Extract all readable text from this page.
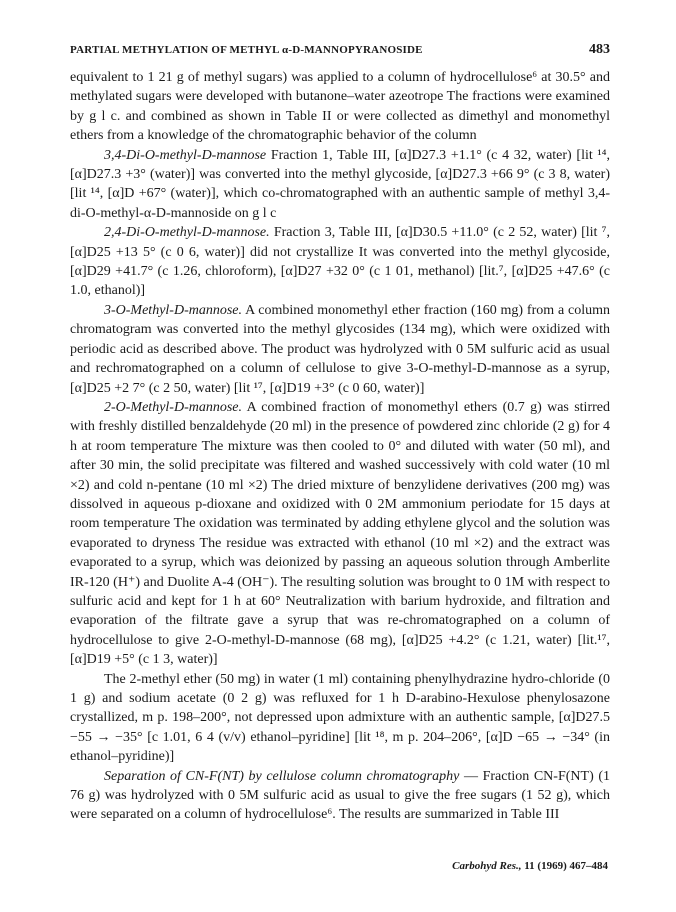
PARTIAL METHYLATION OF METHYL α-D-MANNOPYRANOSIDE	483

equivalent to 1 21 g of methyl sugars) was applied to a column of hydrocellulose⁶ at 30.5° and methylated sugars were developed with butanone–water azeotrope The fractions were examined by g l c. and combined as shown in Table II or were collected as dimethyl and monomethyl ethers from a knowledge of the chromatographic behavior of the column

3,4-Di-O-methyl-D-mannose Fraction 1, Table III, [α]D27.3 +1.1° (c 4 32, water) [lit ¹⁴, [α]D27.3 +3° (water)] was converted into the methyl glycoside, [α]D27.3 +66 9° (c 3 8, water) [lit ¹⁴, [α]D +67° (water)], which co-chromatographed with an authentic sample of methyl 3,4-di-O-methyl-α-D-mannoside on g l c

2,4-Di-O-methyl-D-mannose. Fraction 3, Table III, [α]D30.5 +11.0° (c 2 52, water) [lit ⁷, [α]D25 +13 5° (c 0 6, water)] did not crystallize It was converted into the methyl glycoside, [α]D29 +41.7° (c 1.26, chloroform), [α]D27 +32 0° (c 1 01, methanol) [lit.⁷, [α]D25 +47.6° (c 1.0, ethanol)]

3-O-Methyl-D-mannose. A combined monomethyl ether fraction (160 mg) from a column chromatogram was converted into the methyl glycosides (134 mg), which were oxidized with periodic acid as described above. The product was hydrolyzed with 0 5M sulfuric acid as usual and rechromatographed on a column of cellulose to give 3-O-methyl-D-mannose as a syrup, [α]D25 +2 7° (c 2 50, water) [lit ¹⁷, [α]D19 +3° (c 0 60, water)]

2-O-Methyl-D-mannose. A combined fraction of monomethyl ethers (0.7 g) was stirred with freshly distilled benzaldehyde (20 ml) in the presence of powdered zinc chloride (2 g) for 4 h at room temperature The mixture was then cooled to 0° and diluted with water (50 ml), and after 30 min, the solid precipitate was filtered and washed successively with cold water (10 ml ×2) and cold n-pentane (10 ml ×2) The dried mixture of benzylidene derivatives (200 mg) was dissolved in aqueous p-dioxane and oxidized with 0 2M ammonium periodate for 15 days at room temperature The oxidation was terminated by adding ethylene glycol and the solution was evaporated to dryness The residue was extracted with ethanol (10 ml ×2) and the extract was evaporated to a syrup, which was deionized by passing an aqueous solution through Amberlite IR-120 (H⁺) and Duolite A-4 (OH⁻). The resulting solution was brought to 0 1M with respect to sulfuric acid and kept for 1 h at 60° Neutralization with barium hydroxide, and filtration and evaporation of the filtrate gave a syrup that was re-chromatographed on a column of hydrocellulose to give 2-O-methyl-D-mannose (68 mg), [α]D25 +4.2° (c 1.21, water) [lit.¹⁷, [α]D19 +5° (c 1 3, water)]

The 2-methyl ether (50 mg) in water (1 ml) containing phenylhydrazine hydro-chloride (0 1 g) and sodium acetate (0 2 g) was refluxed for 1 h D-arabino-Hexulose phenylosazone crystallized, m p. 198–200°, not depressed upon admixture with an authentic sample, [α]D27.5 −55 → −35° [c 1.01, 6 4 (v/v) ethanol–pyridine] [lit ¹⁸, m p. 204–206°, [α]D −65 → −34° (in ethanol–pyridine)]

Separation of CN-F(NT) by cellulose column chromatography — Fraction CN-F(NT) (1 76 g) was hydrolyzed with 0 5M sulfuric acid as usual to give the free sugars (1 52 g), which were separated on a column of hydrocellulose⁶. The results are summarized in Table III

Carbohyd Res., 11 (1969) 467–484
